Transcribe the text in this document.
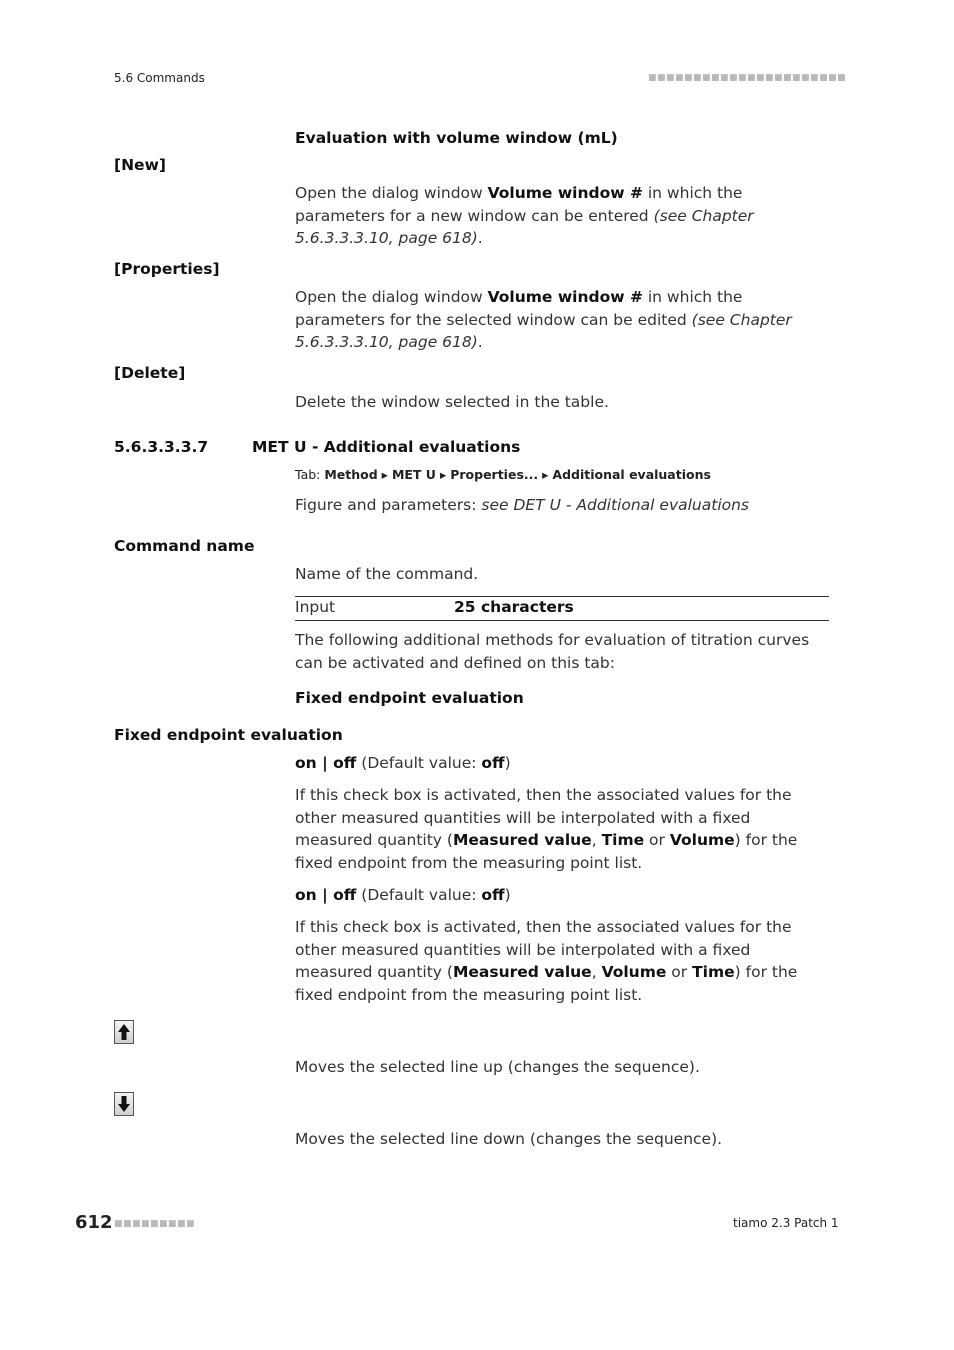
5.6 Commands	■■■■■■■■■■■■■■■■■■■■■■
Evaluation with volume window (mL)
[New]
Open the dialog window Volume window # in which the parameters for a new window can be entered (see Chapter 5.6.3.3.3.10, page 618).
[Properties]
Open the dialog window Volume window # in which the parameters for the selected window can be edited (see Chapter 5.6.3.3.3.10, page 618).
[Delete]
Delete the window selected in the table.
5.6.3.3.3.7	MET U - Additional evaluations
Tab: Method ▸ MET U ▸ Properties... ▸ Additional evaluations
Figure and parameters: see DET U - Additional evaluations
Command name
Name of the command.
Input	25 characters
The following additional methods for evaluation of titration curves can be activated and defined on this tab:
Fixed endpoint evaluation
Fixed endpoint evaluation
on | off (Default value: off)
If this check box is activated, then the associated values for the other measured quantities will be interpolated with a fixed measured quantity (Measured value, Time or Volume) for the fixed endpoint from the measuring point list.
on | off (Default value: off)
If this check box is activated, then the associated values for the other measured quantities will be interpolated with a fixed measured quantity (Measured value, Volume or Time) for the fixed endpoint from the measuring point list.
Moves the selected line up (changes the sequence).
Moves the selected line down (changes the sequence).
612 ■■■■■■■■■	tiamo 2.3 Patch 1
